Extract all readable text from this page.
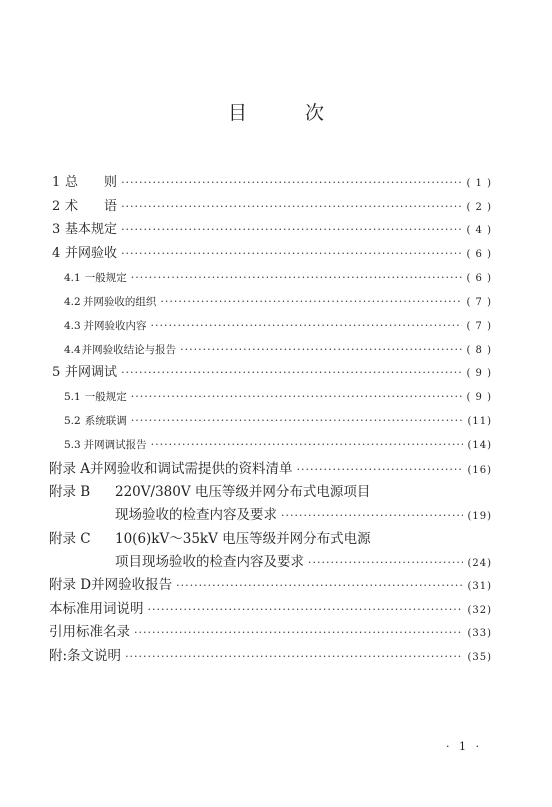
目 次
1 总　　则 ·····	( 1 )
2 术　　语 ·····	( 2 )
3 基本规定 ·····	( 4 )
4 并网验收 ·····	( 6 )
4.1 一般规定 ·····	( 6 )
4.2 并网验收的组织 ·····	( 7 )
4.3 并网验收内容 ·····	( 7 )
4.4 并网验收结论与报告 ·····	( 8 )
5 并网调试 ·····	( 9 )
5.1 一般规定 ·····	( 9 )
5.2 系统联调 ·····	(11)
5.3 并网调试报告 ·····	(14)
附录 A 并网验收和调试需提供的资料清单 ·····	(16)
附录 B 220V/380V 电压等级并网分布式电源项目
现场验收的检查内容及要求 ·····	(19)
附录 C 10(6)kV～35kV 电压等级并网分布式电源
项目现场验收的检查内容及要求 ·····	(24)
附录 D 并网验收报告 ·····	(31)
本标准用词说明 ·····	(32)
引用标准名录 ·····	(33)
附:条文说明 ·····	(35)
· 1 ·
